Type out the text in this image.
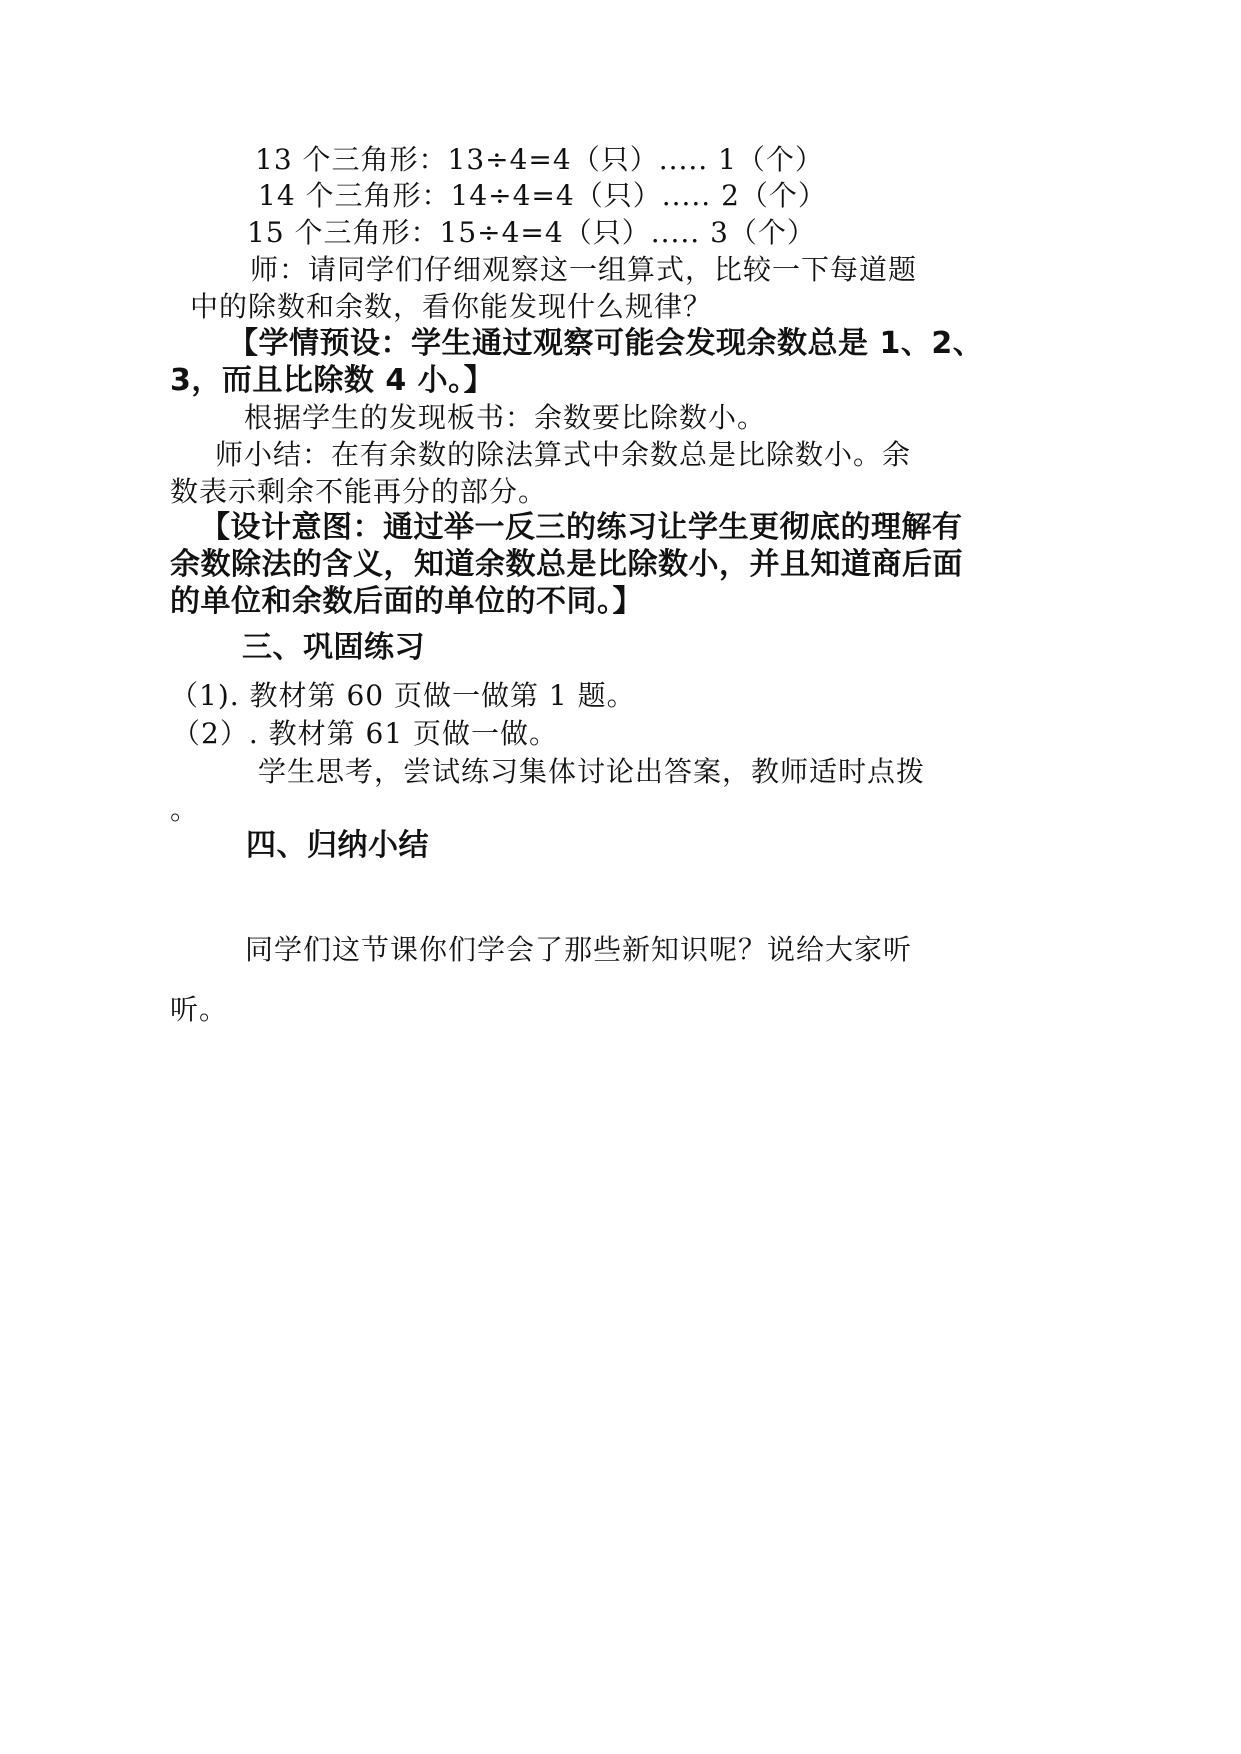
13 个三角形：13÷4=4（只）..... 1（个）
14 个三角形：14÷4=4（只）..... 2（个）
15 个三角形：15÷4=4（只）..... 3（个）
师：请同学们仔细观察这一组算式，比较一下每道题
中的除数和余数，看你能发现什么规律？
【学情预设：学生通过观察可能会发现余数总是 1、2、
3，而且比除数 4 小。】
根据学生的发现板书：余数要比除数小。
师小结：在有余数的除法算式中余数总是比除数小。余
数表示剩余不能再分的部分。
【设计意图：通过举一反三的练习让学生更彻底的理解有
余数除法的含义，知道余数总是比除数小，并且知道商后面
的单位和余数后面的单位的不同。】
三、巩固练习
（1). 教材第 60 页做一做第 1 题。
（2）. 教材第 61 页做一做。
学生思考，尝试练习集体讨论出答案，教师适时点拨
。
四、归纳小结
同学们这节课你们学会了那些新知识呢？说给大家听
听。
